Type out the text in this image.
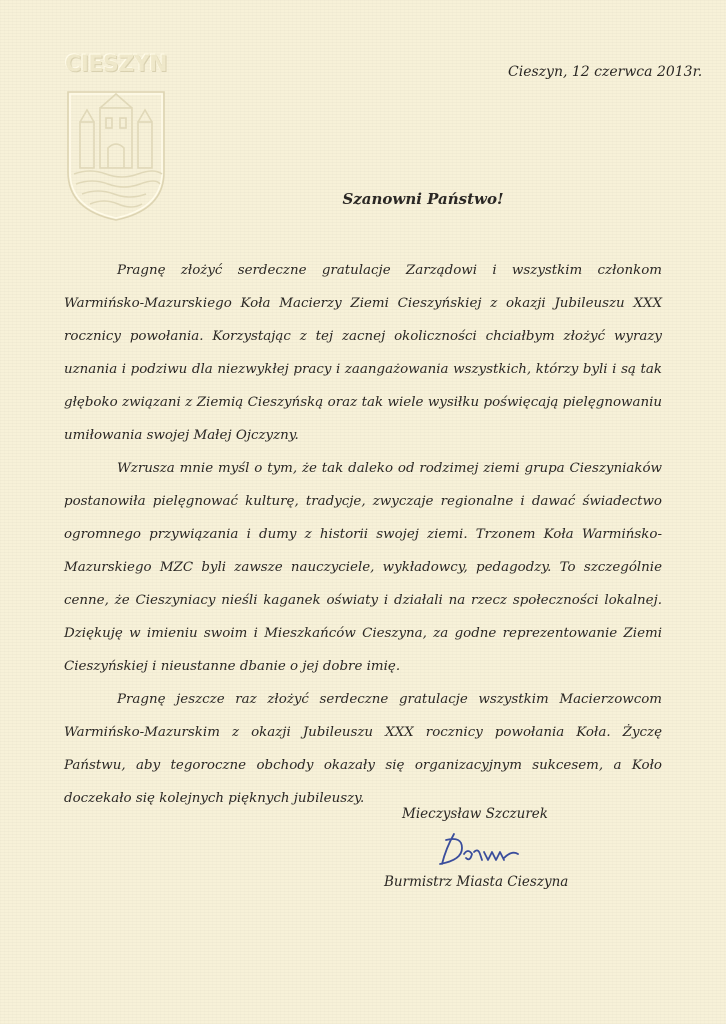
CIESZYN	Cieszyn, 12 czerwca 2013r.
Szanowni Państwo!

Pragnę złożyć serdeczne gratulacje Zarządowi i wszystkim członkom Warmińsko-Mazurskiego Koła Macierzy Ziemi Cieszyńskiej z okazji Jubileuszu XXX rocznicy powołania. Korzystając z tej zacnej okoliczności chciałbym złożyć wyrazy uznania i podziwu dla niezwykłej pracy i zaangażowania wszystkich, którzy byli i są tak głęboko związani z Ziemią Cieszyńską oraz tak wiele wysiłku poświęcają pielęgnowaniu umiłowania swojej Małej Ojczyzny.

Wzrusza mnie myśl o tym, że tak daleko od rodzimej ziemi grupa Cieszyniaków postanowiła pielęgnować kulturę, tradycje, zwyczaje regionalne i dawać świadectwo ogromnego przywiązania i dumy z historii swojej ziemi. Trzonem Koła Warmińsko-Mazurskiego MZC byli zawsze nauczyciele, wykładowcy, pedagodzy. To szczególnie cenne, że Cieszyniacy nieśli kaganek oświaty i działali na rzecz społeczności lokalnej. Dziękuję w imieniu swoim i Mieszkańców Cieszyna, za godne reprezentowanie Ziemi Cieszyńskiej i nieustanne dbanie o jej dobre imię.

Pragnę jeszcze raz złożyć serdeczne gratulacje wszystkim Macierzowcom Warmińsko-Mazurskim z okazji Jubileuszu XXX rocznicy powołania Koła. Życzę Państwu, aby tegoroczne obchody okazały się organizacyjnym sukcesem, a Koło doczekało się kolejnych pięknych jubileuszy.

Mieczysław Szczurek
Burmistrz Miasta Cieszyna
